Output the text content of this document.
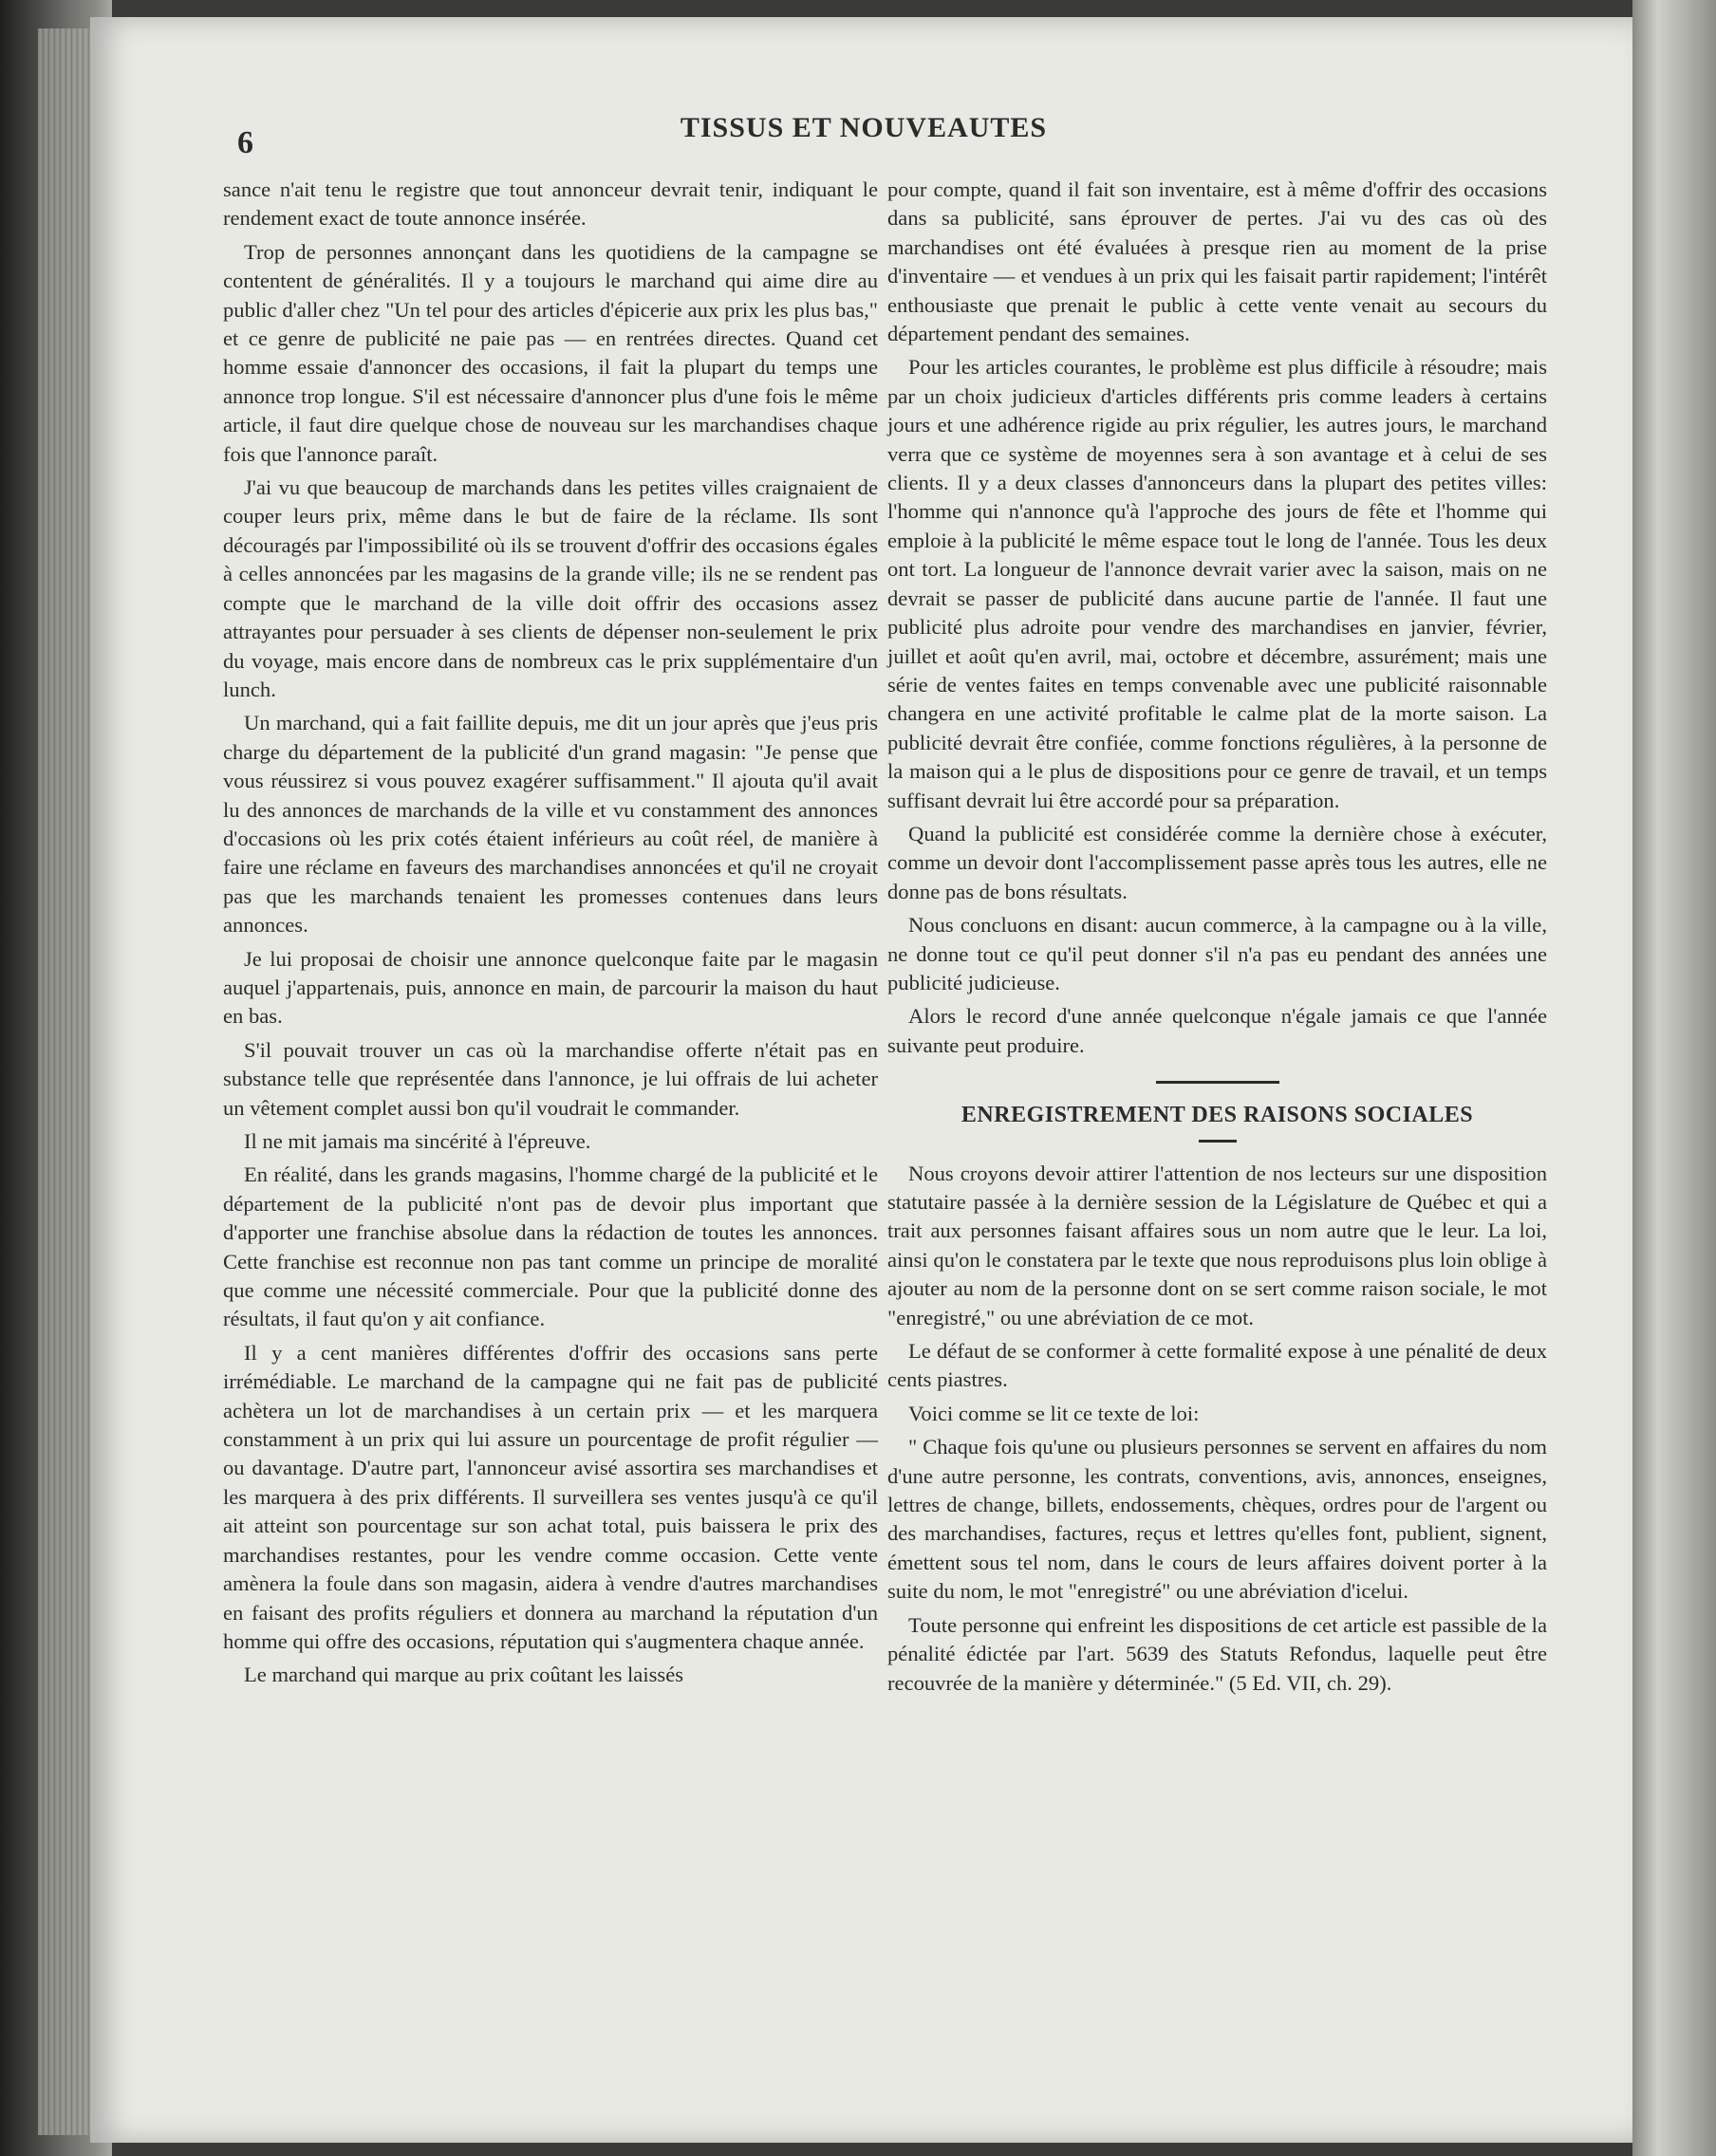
6	TISSUS ET NOUVEAUTES

sance n'ait tenu le registre que tout annonceur devrait tenir, indiquant le rendement exact de toute annonce insérée.

Trop de personnes annonçant dans les quotidiens de la campagne se contentent de généralités. Il y a toujours le marchand qui aime dire au public d'aller chez "Un tel pour des articles d'épicerie aux prix les plus bas," et ce genre de publicité ne paie pas — en rentrées directes. Quand cet homme essaie d'annoncer des occasions, il fait la plupart du temps une annonce trop longue. S'il est nécessaire d'annoncer plus d'une fois le même article, il faut dire quelque chose de nouveau sur les marchandises chaque fois que l'annonce paraît.

J'ai vu que beaucoup de marchands dans les petites villes craignaient de couper leurs prix, même dans le but de faire de la réclame. Ils sont découragés par l'impossibilité où ils se trouvent d'offrir des occasions égales à celles annoncées par les magasins de la grande ville; ils ne se rendent pas compte que le marchand de la ville doit offrir des occasions assez attrayantes pour persuader à ses clients de dépenser non-seulement le prix du voyage, mais encore dans de nombreux cas le prix supplémentaire d'un lunch.

Un marchand, qui a fait faillite depuis, me dit un jour après que j'eus pris charge du département de la publicité d'un grand magasin: "Je pense que vous réussirez si vous pouvez exagérer suffisamment." Il ajouta qu'il avait lu des annonces de marchands de la ville et vu constamment des annonces d'occasions où les prix cotés étaient inférieurs au coût réel, de manière à faire une réclame en faveurs des marchandises annoncées et qu'il ne croyait pas que les marchands tenaient les promesses contenues dans leurs annonces.

Je lui proposai de choisir une annonce quelconque faite par le magasin auquel j'appartenais, puis, annonce en main, de parcourir la maison du haut en bas.

S'il pouvait trouver un cas où la marchandise offerte n'était pas en substance telle que représentée dans l'annonce, je lui offrais de lui acheter un vêtement complet aussi bon qu'il voudrait le commander.

Il ne mit jamais ma sincérité à l'épreuve.

En réalité, dans les grands magasins, l'homme chargé de la publicité et le département de la publicité n'ont pas de devoir plus important que d'apporter une franchise absolue dans la rédaction de toutes les annonces. Cette franchise est reconnue non pas tant comme un principe de moralité que comme une nécessité commerciale. Pour que la publicité donne des résultats, il faut qu'on y ait confiance.

Il y a cent manières différentes d'offrir des occasions sans perte irrémédiable. Le marchand de la campagne qui ne fait pas de publicité achètera un lot de marchandises à un certain prix — et les marquera constamment à un prix qui lui assure un pourcentage de profit régulier — ou davantage. D'autre part, l'annonceur avisé assortira ses marchandises et les marquera à des prix différents. Il surveillera ses ventes jusqu'à ce qu'il ait atteint son pourcentage sur son achat total, puis baissera le prix des marchandises restantes, pour les vendre comme occasion. Cette vente amènera la foule dans son magasin, aidera à vendre d'autres marchandises en faisant des profits réguliers et donnera au marchand la réputation d'un homme qui offre des occasions, réputation qui s'augmentera chaque année.

Le marchand qui marque au prix coûtant les laissés

pour compte, quand il fait son inventaire, est à même d'offrir des occasions dans sa publicité, sans éprouver de pertes. J'ai vu des cas où des marchandises ont été évaluées à presque rien au moment de la prise d'inventaire — et vendues à un prix qui les faisait partir rapidement; l'intérêt enthousiaste que prenait le public à cette vente venait au secours du département pendant des semaines.

Pour les articles courantes, le problème est plus difficile à résoudre; mais par un choix judicieux d'articles différents pris comme leaders à certains jours et une adhérence rigide au prix régulier, les autres jours, le marchand verra que ce système de moyennes sera à son avantage et à celui de ses clients. Il y a deux classes d'annonceurs dans la plupart des petites villes: l'homme qui n'annonce qu'à l'approche des jours de fête et l'homme qui emploie à la publicité le même espace tout le long de l'année. Tous les deux ont tort. La longueur de l'annonce devrait varier avec la saison, mais on ne devrait se passer de publicité dans aucune partie de l'année. Il faut une publicité plus adroite pour vendre des marchandises en janvier, février, juillet et août qu'en avril, mai, octobre et décembre, assurément; mais une série de ventes faites en temps convenable avec une publicité raisonnable changera en une activité profitable le calme plat de la morte saison. La publicité devrait être confiée, comme fonctions régulières, à la personne de la maison qui a le plus de dispositions pour ce genre de travail, et un temps suffisant devrait lui être accordé pour sa préparation.

Quand la publicité est considérée comme la dernière chose à exécuter, comme un devoir dont l'accomplissement passe après tous les autres, elle ne donne pas de bons résultats.

Nous concluons en disant: aucun commerce, à la campagne ou à la ville, ne donne tout ce qu'il peut donner s'il n'a pas eu pendant des années une publicité judicieuse.

Alors le record d'une année quelconque n'égale jamais ce que l'année suivante peut produire.

ENREGISTREMENT DES RAISONS SOCIALES

Nous croyons devoir attirer l'attention de nos lecteurs sur une disposition statutaire passée à la dernière session de la Législature de Québec et qui a trait aux personnes faisant affaires sous un nom autre que le leur. La loi, ainsi qu'on le constatera par le texte que nous reproduisons plus loin oblige à ajouter au nom de la personne dont on se sert comme raison sociale, le mot "enregistré," ou une abréviation de ce mot.

Le défaut de se conformer à cette formalité expose à une pénalité de deux cents piastres.

Voici comme se lit ce texte de loi:

" Chaque fois qu'une ou plusieurs personnes se servent en affaires du nom d'une autre personne, les contrats, conventions, avis, annonces, enseignes, lettres de change, billets, endossements, chèques, ordres pour de l'argent ou des marchandises, factures, reçus et lettres qu'elles font, publient, signent, émettent sous tel nom, dans le cours de leurs affaires doivent porter à la suite du nom, le mot "enregistré" ou une abréviation d'icelui.

Toute personne qui enfreint les dispositions de cet article est passible de la pénalité édictée par l'art. 5639 des Statuts Refondus, laquelle peut être recouvrée de la manière y déterminée." (5 Ed. VII, ch. 29).
